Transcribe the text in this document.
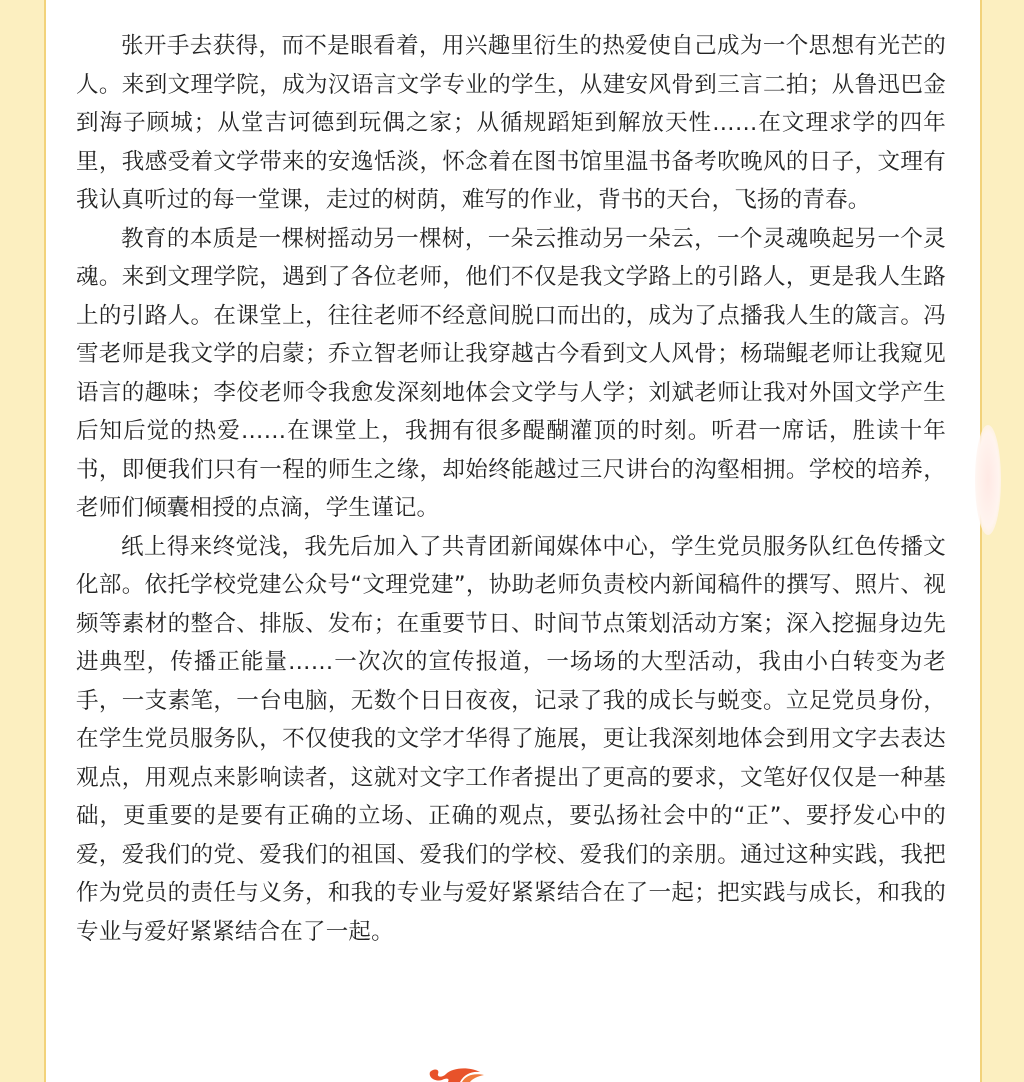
张开手去获得，而不是眼看着，用兴趣里衍生的热爱使自己成为一个思想有光芒的人。来到文理学院，成为汉语言文学专业的学生，从建安风骨到三言二拍；从鲁迅巴金到海子顾城；从堂吉诃德到玩偶之家；从循规蹈矩到解放天性……在文理求学的四年里，我感受着文学带来的安逸恬淡，怀念着在图书馆里温书备考吹晚风的日子，文理有我认真听过的每一堂课，走过的树荫，难写的作业，背书的天台，飞扬的青春。

教育的本质是一棵树摇动另一棵树，一朵云推动另一朵云，一个灵魂唤起另一个灵魂。来到文理学院，遇到了各位老师，他们不仅是我文学路上的引路人，更是我人生路上的引路人。在课堂上，往往老师不经意间脱口而出的，成为了点播我人生的箴言。冯雪老师是我文学的启蒙；乔立智老师让我穿越古今看到文人风骨；杨瑞鲲老师让我窥见语言的趣味；李佼老师令我愈发深刻地体会文学与人学；刘斌老师让我对外国文学产生后知后觉的热爱……在课堂上，我拥有很多醍醐灌顶的时刻。听君一席话，胜读十年书，即便我们只有一程的师生之缘，却始终能越过三尺讲台的沟壑相拥。学校的培养，老师们倾囊相授的点滴，学生谨记。

纸上得来终觉浅，我先后加入了共青团新闻媒体中心，学生党员服务队红色传播文化部。依托学校党建公众号“文理党建”，协助老师负责校内新闻稿件的撰写、照片、视频等素材的整合、排版、发布；在重要节日、时间节点策划活动方案；深入挖掘身边先进典型，传播正能量……一次次的宣传报道，一场场的大型活动，我由小白转变为老手，一支素笔，一台电脑，无数个日日夜夜，记录了我的成长与蜕变。立足党员身份，在学生党员服务队，不仅使我的文学才华得了施展，更让我深刻地体会到用文字去表达观点，用观点来影响读者，这就对文字工作者提出了更高的要求，文笔好仅仅是一种基础，更重要的是要有正确的立场、正确的观点，要弘扬社会中的“正”、要抒发心中的爱，爱我们的党、爱我们的祖国、爱我们的学校、爱我们的亲朋。通过这种实践，我把作为党员的责任与义务，和我的专业与爱好紧紧结合在了一起；把实践与成长，和我的专业与爱好紧紧结合在了一起。
